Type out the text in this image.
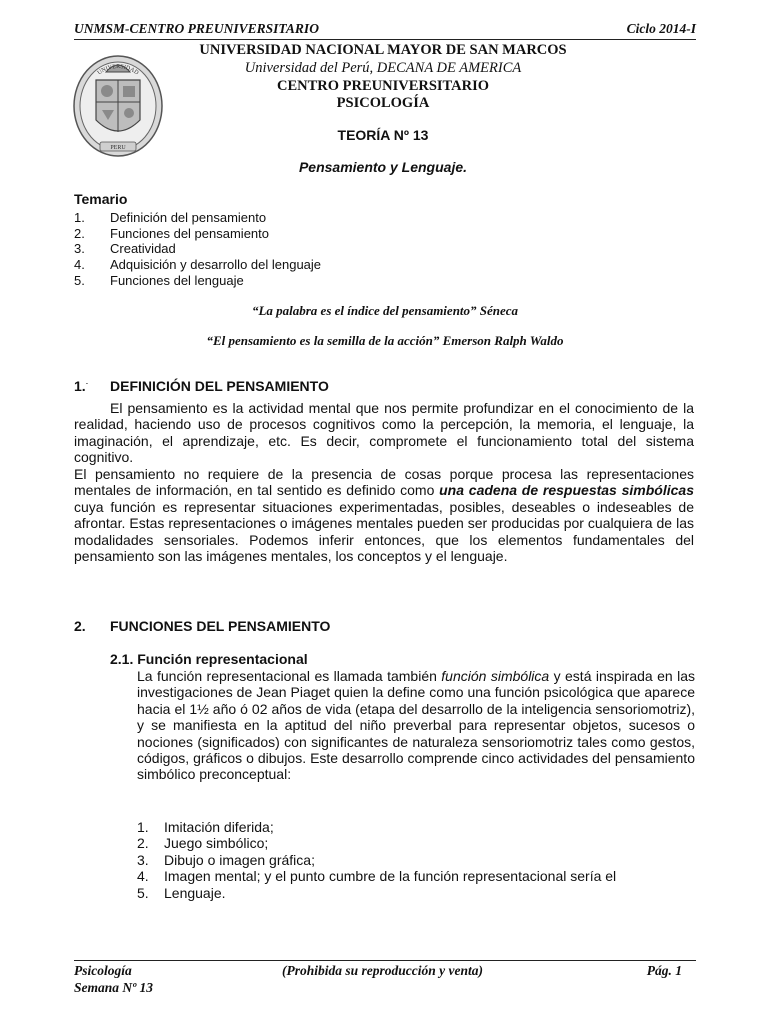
UNMSM-CENTRO PREUNIVERSITARIO	Ciclo 2014-I
UNIVERSIDAD
PERU
UNIVERSIDAD NACIONAL MAYOR DE SAN MARCOS
Universidad del Perú, DECANA DE AMERICA
CENTRO PREUNIVERSITARIO
PSICOLOGÍA
TEORÍA Nº 13
Pensamiento y Lenguaje.
Temario
1.	Definición del pensamiento
2.	Funciones del pensamiento
3.	Creatividad
4.	Adquisición y desarrollo del lenguaje
5.	Funciones del lenguaje
“La palabra es el índice del pensamiento” Séneca
“El pensamiento es la semilla de la acción” Emerson Ralph Waldo
1.- DEFINICIÓN DEL PENSAMIENTO
El pensamiento es la actividad mental que nos permite profundizar en el conocimiento de la realidad, haciendo uso de procesos cognitivos como la percepción, la memoria, el lenguaje, la imaginación, el aprendizaje, etc. Es decir, compromete el funcionamiento total del sistema cognitivo.
El pensamiento no requiere de la presencia de cosas porque procesa las representaciones mentales de información, en tal sentido es definido como una cadena de respuestas simbólicas cuya función es representar situaciones experimentadas, posibles, deseables o indeseables de afrontar. Estas representaciones o imágenes mentales pueden ser producidas por cualquiera de las modalidades sensoriales. Podemos inferir entonces, que los elementos fundamentales del pensamiento son las imágenes mentales, los conceptos y el lenguaje.
2. FUNCIONES DEL PENSAMIENTO
2.1. Función representacional
La función representacional es llamada también función simbólica y está inspirada en las investigaciones de Jean Piaget quien la define como una función psicológica que aparece hacia el 1½ año ó 02 años de vida (etapa del desarrollo de la inteligencia sensoriomotriz), y se manifiesta en la aptitud del niño preverbal para representar objetos, sucesos o nociones (significados) con significantes de naturaleza sensoriomotriz tales como gestos, códigos, gráficos o dibujos. Este desarrollo comprende cinco actividades del pensamiento simbólico preconceptual:
1.	Imitación diferida;
2.	Juego simbólico;
3.	Dibujo o imagen gráfica;
4.	Imagen mental; y el punto cumbre de la función representacional sería el
5.	Lenguaje.
Psicología	(Prohibida su reproducción y venta)	Pág. 1
Semana Nº 13
